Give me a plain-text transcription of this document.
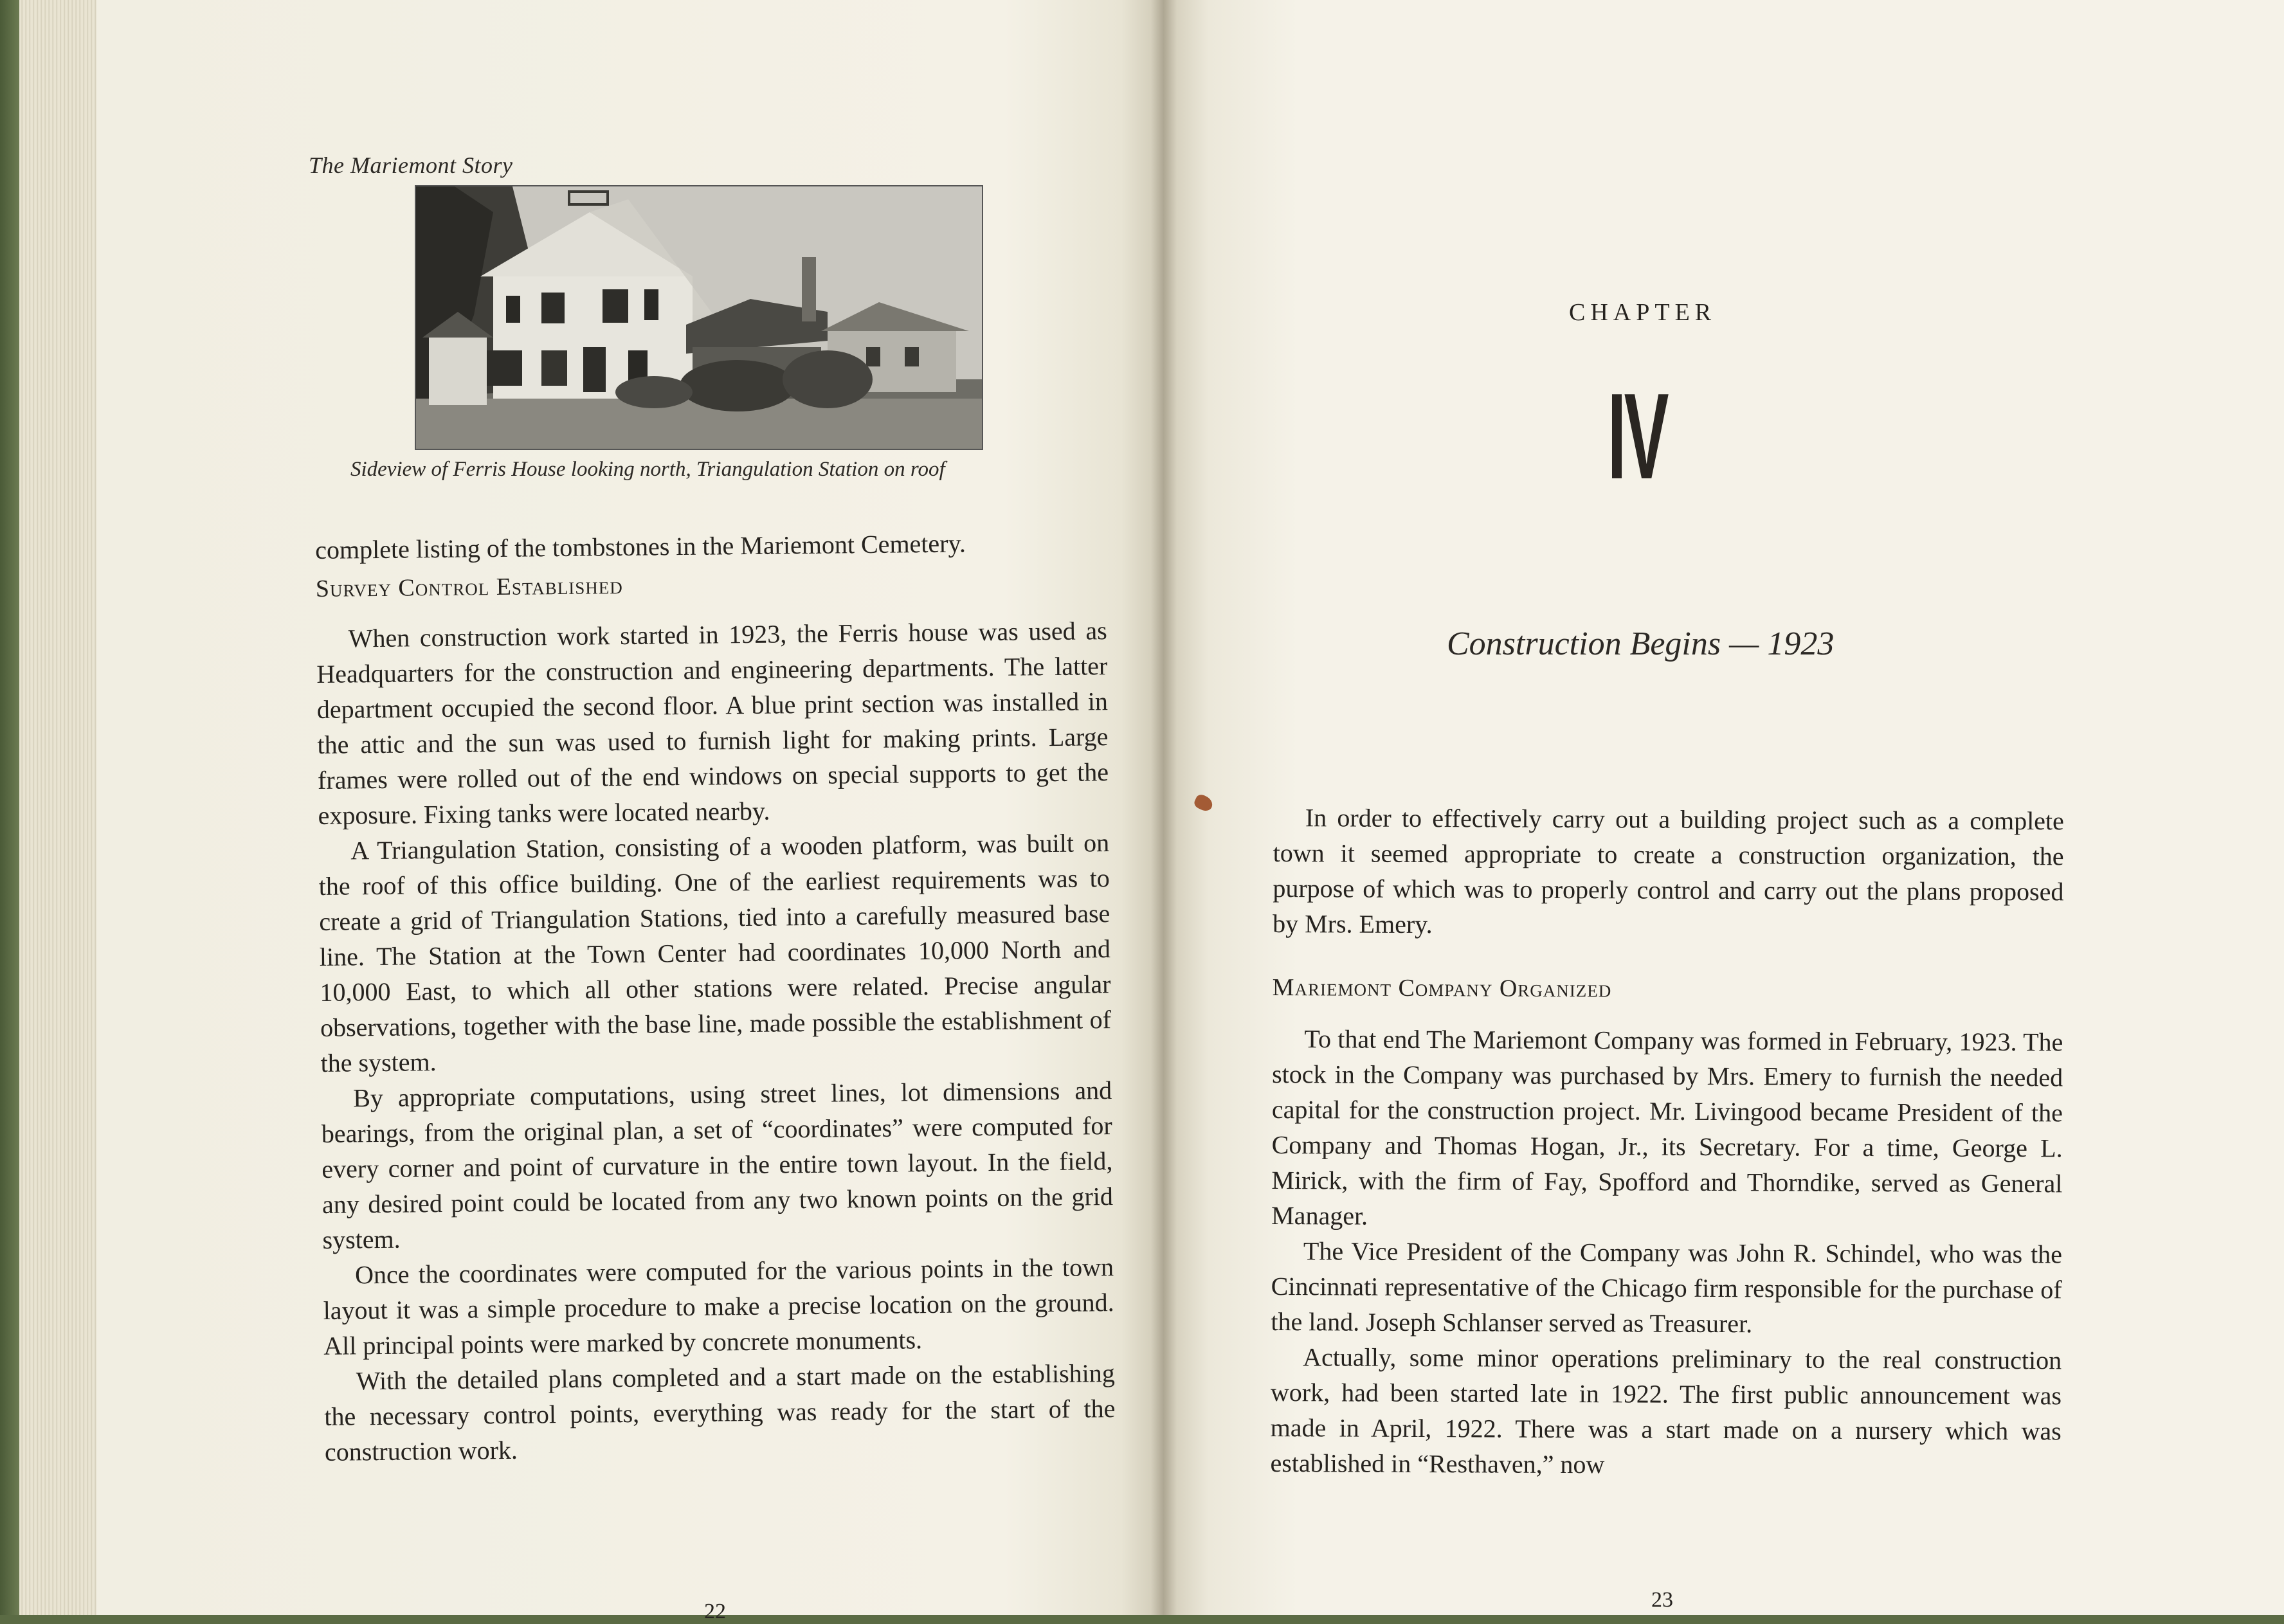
The Mariemont Story
Sideview of Ferris House looking north, Triangulation Station on roof

complete listing of the tombstones in the Mariemont Cemetery.

Survey Control Established

When construction work started in 1923, the Ferris house was used as Headquarters for the construction and engineering departments. The latter department occupied the second floor. A blue print section was installed in the attic and the sun was used to furnish light for making prints. Large frames were rolled out of the end windows on special supports to get the exposure. Fixing tanks were located nearby.

A Triangulation Station, consisting of a wooden platform, was built on the roof of this office building. One of the earliest requirements was to create a grid of Triangulation Stations, tied into a carefully measured base line. The Station at the Town Center had coordinates 10,000 North and 10,000 East, to which all other stations were related. Precise angular observations, together with the base line, made possible the establishment of the system.

By appropriate computations, using street lines, lot dimensions and bearings, from the original plan, a set of “coordinates” were computed for every corner and point of curvature in the entire town layout. In the field, any desired point could be located from any two known points on the grid system.

Once the coordinates were computed for the various points in the town layout it was a simple procedure to make a precise location on the ground. All principal points were marked by concrete monuments.

With the detailed plans completed and a start made on the establishing the necessary control points, everything was ready for the start of the construction work.

22
CHAPTER
IV
Construction Begins — 1923

In order to effectively carry out a building project such as a complete town it seemed appropriate to create a construction organization, the purpose of which was to properly control and carry out the plans proposed by Mrs. Emery.

Mariemont Company Organized

To that end The Mariemont Company was formed in February, 1923. The stock in the Company was purchased by Mrs. Emery to furnish the needed capital for the construction project. Mr. Livingood became President of the Company and Thomas Hogan, Jr., its Secretary. For a time, George L. Mirick, with the firm of Fay, Spofford and Thorndike, served as General Manager.

The Vice President of the Company was John R. Schindel, who was the Cincinnati representative of the Chicago firm responsible for the purchase of the land. Joseph Schlanser served as Treasurer.

Actually, some minor operations preliminary to the real construction work, had been started late in 1922. The first public announcement was made in April, 1922. There was a start made on a nursery which was established in “Resthaven,” now

23
